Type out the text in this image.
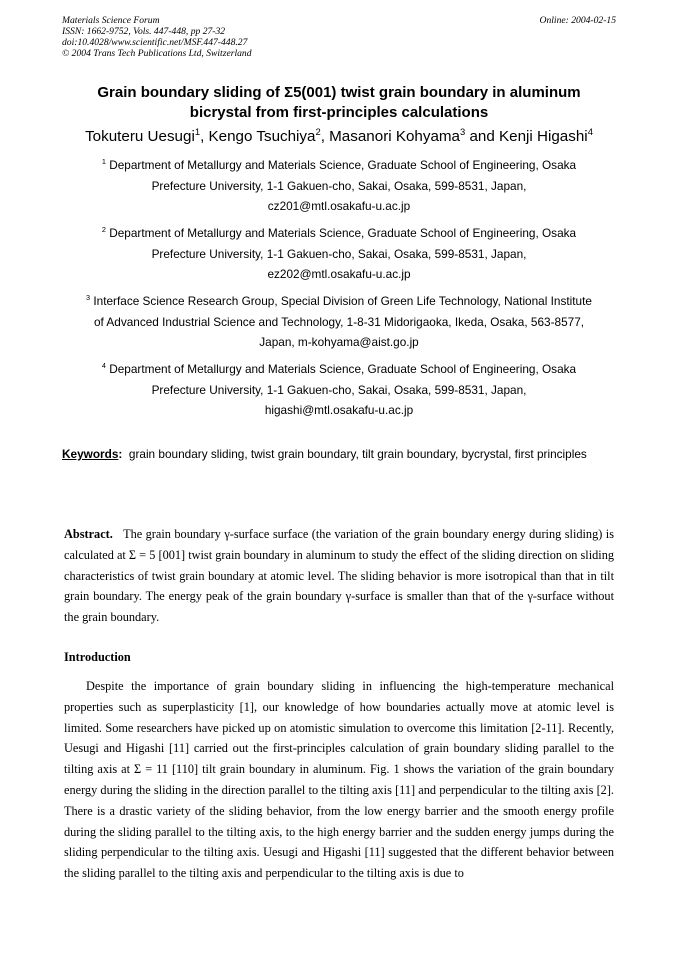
Materials Science Forum
ISSN: 1662-9752, Vols. 447-448, pp 27-32
doi:10.4028/www.scientific.net/MSF.447-448.27
© 2004 Trans Tech Publications Ltd, Switzerland
Online: 2004-02-15
Grain boundary sliding of Σ5(001) twist grain boundary in aluminum
bicrystal from first-principles calculations
Tokuteru Uesugi$^1$, Kengo Tsuchiya$^2$, Masanori Kohyama$^3$ and Kenji Higashi$^4$
$^1$ Department of Metallurgy and Materials Science, Graduate School of Engineering, Osaka
Prefecture University, 1-1 Gakuen-cho, Sakai, Osaka, 599-8531, Japan,
cz201@mtl.osakafu-u.ac.jp
$^2$ Department of Metallurgy and Materials Science, Graduate School of Engineering, Osaka
Prefecture University, 1-1 Gakuen-cho, Sakai, Osaka, 599-8531, Japan,
ez202@mtl.osakafu-u.ac.jp
$^3$ Interface Science Research Group, Special Division of Green Life Technology, National Institute
of Advanced Industrial Science and Technology, 1-8-31 Midorigaoka, Ikeda, Osaka, 563-8577,
Japan, m-kohyama@aist.go.jp
$^4$ Department of Metallurgy and Materials Science, Graduate School of Engineering, Osaka
Prefecture University, 1-1 Gakuen-cho, Sakai, Osaka, 599-8531, Japan,
higashi@mtl.osakafu-u.ac.jp
Keywords: grain boundary sliding, twist grain boundary, tilt grain boundary, bycrystal, first principles
Abstract. The grain boundary γ-surface surface (the variation of the grain boundary energy during sliding) is calculated at Σ = 5 [001] twist grain boundary in aluminum to study the effect of the sliding direction on sliding characteristics of twist grain boundary at atomic level. The sliding behavior is more isotropical than that in tilt grain boundary. The energy peak of the grain boundary γ-surface is smaller than that of the γ-surface without the grain boundary.
Introduction
Despite the importance of grain boundary sliding in influencing the high-temperature mechanical properties such as superplasticity [1], our knowledge of how boundaries actually move at atomic level is limited. Some researchers have picked up on atomistic simulation to overcome this limitation [2-11]. Recently, Uesugi and Higashi [11] carried out the first-principles calculation of grain boundary sliding parallel to the tilting axis at Σ = 11 [110] tilt grain boundary in aluminum. Fig. 1 shows the variation of the grain boundary energy during the sliding in the direction parallel to the tilting axis [11] and perpendicular to the tilting axis [2]. There is a drastic variety of the sliding behavior, from the low energy barrier and the smooth energy profile during the sliding parallel to the tilting axis, to the high energy barrier and the sudden energy jumps during the sliding perpendicular to the tilting axis. Uesugi and Higashi [11] suggested that the different behavior between the sliding parallel to the tilting axis and perpendicular to the tilting axis is due to
